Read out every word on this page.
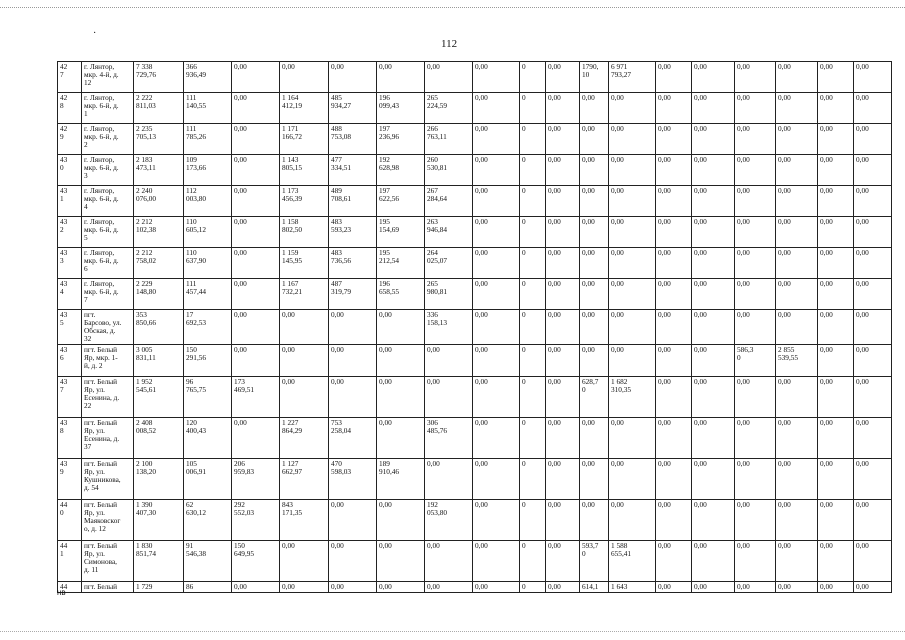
·
112
42
7	г. Лянтор,
мкр. 4-й, д.
12	7 338
729,76	366
936,49	0,00	0,00	0,00	0,00	0,00	0,00	0	0,00	1790,
10	6 971
793,27	0,00	0,00	0,00	0,00	0,00	0,00
42
8	г. Лянтор,
мкр. 6-й, д.
1	2 222
811,03	111
140,55	0,00	1 164
412,19	485
934,27	196
099,43	265
224,59	0,00	0	0,00	0,00	0,00	0,00	0,00	0,00	0,00	0,00	0,00
42
9	г. Лянтор,
мкр. 6-й, д.
2	2 235
705,13	111
785,26	0,00	1 171
166,72	488
753,08	197
236,96	266
763,11	0,00	0	0,00	0,00	0,00	0,00	0,00	0,00	0,00	0,00	0,00
43
0	г. Лянтор,
мкр. 6-й, д.
3	2 183
473,11	109
173,66	0,00	1 143
805,15	477
334,51	192
628,98	260
530,81	0,00	0	0,00	0,00	0,00	0,00	0,00	0,00	0,00	0,00	0,00
43
1	г. Лянтор,
мкр. 6-й, д.
4	2 240
076,00	112
003,80	0,00	1 173
456,39	489
708,61	197
622,56	267
284,64	0,00	0	0,00	0,00	0,00	0,00	0,00	0,00	0,00	0,00	0,00
43
2	г. Лянтор,
мкр. 6-й, д.
5	2 212
102,38	110
605,12	0,00	1 158
802,50	483
593,23	195
154,69	263
946,84	0,00	0	0,00	0,00	0,00	0,00	0,00	0,00	0,00	0,00	0,00
43
3	г. Лянтор,
мкр. 6-й, д.
6	2 212
758,02	110
637,90	0,00	1 159
145,95	483
736,56	195
212,54	264
025,07	0,00	0	0,00	0,00	0,00	0,00	0,00	0,00	0,00	0,00	0,00
43
4	г. Лянтор,
мкр. 6-й, д.
7	2 229
148,80	111
457,44	0,00	1 167
732,21	487
319,79	196
658,55	265
980,81	0,00	0	0,00	0,00	0,00	0,00	0,00	0,00	0,00	0,00	0,00
43
5	пгт.
Барсово, ул.
Обская, д.
32	353
850,66	17
692,53	0,00	0,00	0,00	0,00	336
158,13	0,00	0	0,00	0,00	0,00	0,00	0,00	0,00	0,00	0,00	0,00
43
6	пгт. Белый
Яр, мкр. 1-
й, д. 2	3 005
831,11	150
291,56	0,00	0,00	0,00	0,00	0,00	0,00	0	0,00	0,00	0,00	0,00	0,00	586,3
0	2 855
539,55	0,00	0,00
43
7	пгт. Белый
Яр, ул.
Есенина, д.
22	1 952
545,61	96
765,75	173
469,51	0,00	0,00	0,00	0,00	0,00	0	0,00	628,7
0	1 682
310,35	0,00	0,00	0,00	0,00	0,00	0,00
43
8	пгт. Белый
Яр, ул.
Есенина, д.
37	2 408
008,52	120
400,43	0,00	1 227
864,29	753
258,04	0,00	306
485,76	0,00	0	0,00	0,00	0,00	0,00	0,00	0,00	0,00	0,00	0,00
43
9	пгт. Белый
Яр, ул.
Кушникова,
д. 54	2 100
138,20	105
006,91	206
959,83	1 127
662,97	470
598,03	189
910,46	0,00	0,00	0	0,00	0,00	0,00	0,00	0,00	0,00	0,00	0,00	0,00
44
0	пгт. Белый
Яр, ул.
Маяковског
о, д. 12	1 390
407,30	62
630,12	292
552,03	843
171,35	0,00	0,00	192
053,80	0,00	0	0,00	0,00	0,00	0,00	0,00	0,00	0,00	0,00	0,00
44
1	пгт. Белый
Яр, ул.
Симонова,
д. 11	1 830
851,74	91
546,38	150
649,95	0,00	0,00	0,00	0,00	0,00	0	0,00	593,7
0	1 588
655,41	0,00	0,00	0,00	0,00	0,00	0,00
44	пгт. Белый	1 729	86	0,00	0,00	0,00	0,00	0,00	0,00	0	0,00	614,1	1 643	0,00	0,00	0,00	0,00	0,00	0,00
нв
